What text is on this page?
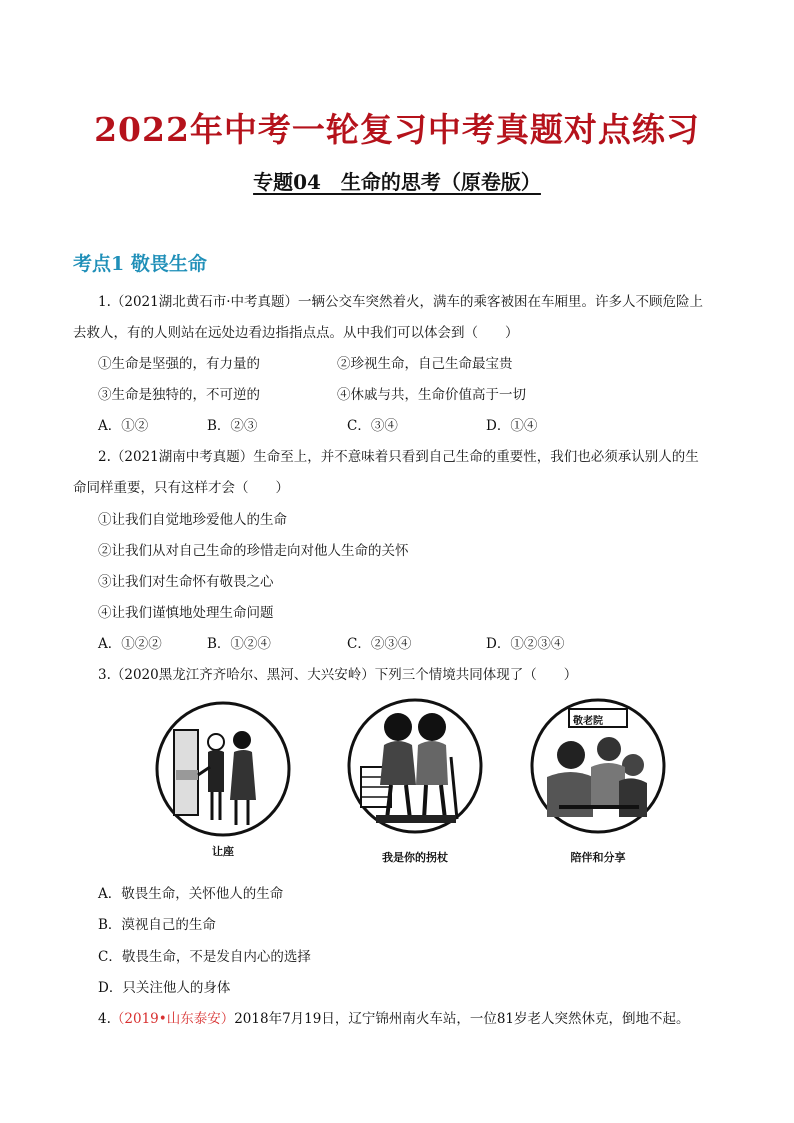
2022年中考一轮复习中考真题对点练习
专题04　生命的思考（原卷版）
考点1 敬畏生命
1.（2021湖北黄石市·中考真题）一辆公交车突然着火，满车的乘客被困在车厢里。许多人不顾危险上
去救人，有的人则站在远处边看边指指点点。从中我们可以体会到（　　）
①生命是坚强的，有力量的	②珍视生命，自己生命最宝贵
③生命是独特的，不可逆的	④休戚与共，生命价值高于一切
A．①②	B．②③	C．③④	D．①④
2.（2021湖南中考真题）生命至上，并不意味着只看到自己生命的重要性，我们也必须承认别人的生
命同样重要，只有这样才会（　　）
①让我们自觉地珍爱他人的生命
②让我们从对自己生命的珍惜走向对他人生命的关怀
③让我们对生命怀有敬畏之心
④让我们谨慎地处理生命问题
A．①②②	B．①②④	C．②③④	D．①②③④
3.（2020黑龙江齐齐哈尔、黑河、大兴安岭）下列三个情境共同体现了（　　）
让座	我是你的拐杖
敬老院
陪伴和分享
A．敬畏生命，关怀他人的生命
B．漠视自己的生命
C．敬畏生命，不是发自内心的选择
D．只关注他人的身体
4.（2019•山东泰安）2018年7月19日，辽宁锦州南火车站，一位81岁老人突然休克，倒地不起。
